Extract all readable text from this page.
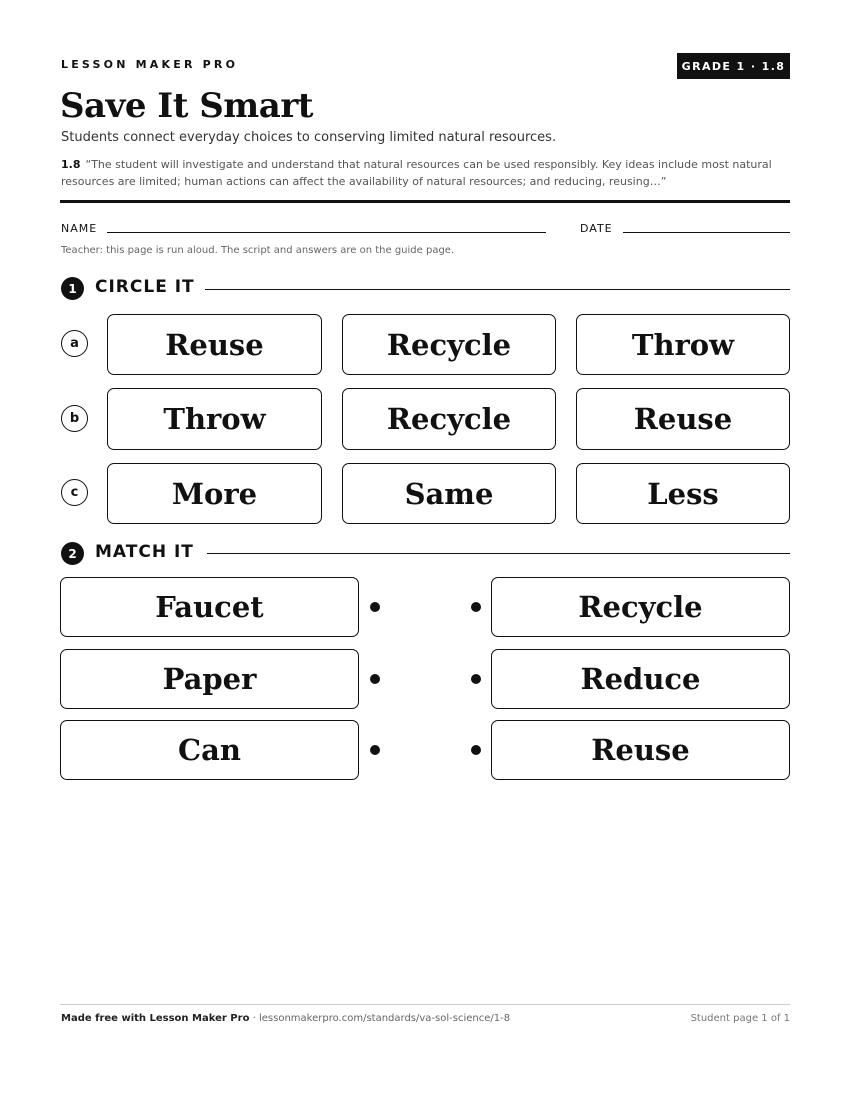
LESSON MAKER PRO	GRADE 1 · 1.8
Save It Smart

Students connect everyday choices to conserving limited natural resources.

1.8 “The student will investigate and understand that natural resources can be used responsibly. Key ideas include most natural resources are limited; human actions can affect the availability of natural resources; and reducing, reusing…”

NAME	DATE
Teacher: this page is run aloud. The script and answers are on the guide page.
1	CIRCLE IT
a	Reuse	Recycle	Throw
b	Throw	Recycle	Reuse
c	More	Same	Less
2	MATCH IT
Faucet	Recycle
Paper	Reduce
Can	Reuse
Made free with Lesson Maker Pro · lessonmakerpro.com/standards/va-sol-science/1-8	Student page 1 of 1
